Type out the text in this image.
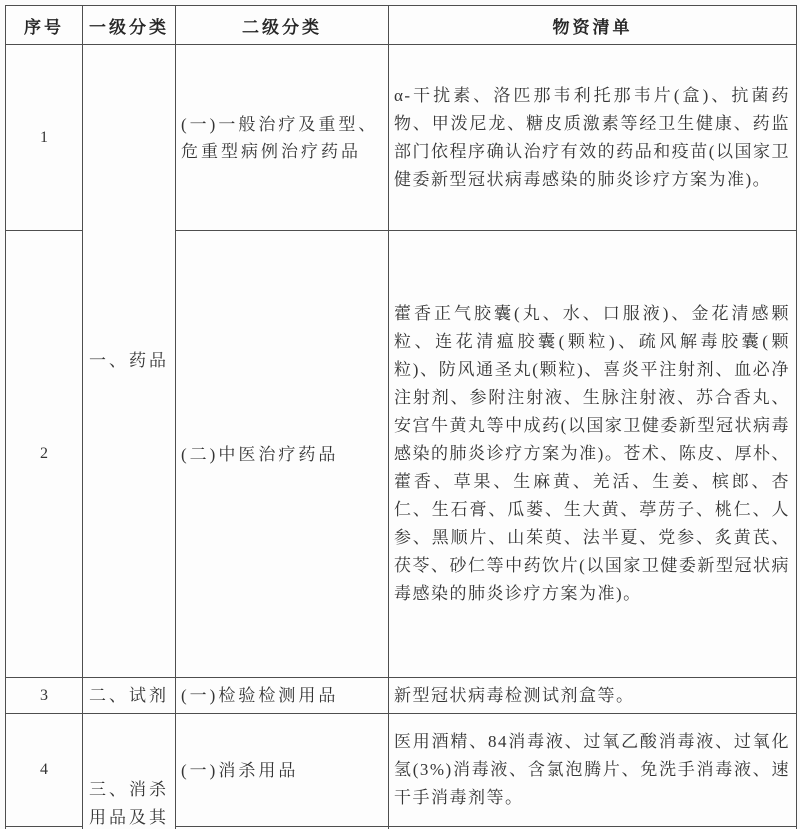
序号	一级分类	二级分类	物资清单
1	一、药品	(一)一般治疗及重型、危重型病例治疗药品	α-干扰素、洛匹那韦利托那韦片(盒)、抗菌药物、甲泼尼龙、糖皮质激素等经卫生健康、药监部门依程序确认治疗有效的药品和疫苗(以国家卫健委新型冠状病毒感染的肺炎诊疗方案为准)。
2		(二)中医治疗药品	藿香正气胶囊(丸、水、口服液)、金花清感颗粒、连花清瘟胶囊(颗粒)、疏风解毒胶囊(颗粒)、防风通圣丸(颗粒)、喜炎平注射剂、血必净注射剂、参附注射液、生脉注射液、苏合香丸、安宫牛黄丸等中成药(以国家卫健委新型冠状病毒感染的肺炎诊疗方案为准)。苍术、陈皮、厚朴、藿香、草果、生麻黄、羌活、生姜、槟郎、杏仁、生石膏、瓜蒌、生大黄、葶苈子、桃仁、人参、黑顺片、山茱萸、法半夏、党参、炙黄芪、茯苓、砂仁等中药饮片(以国家卫健委新型冠状病毒感染的肺炎诊疗方案为准)。
3	二、试剂	(一)检验检测用品	新型冠状病毒检测试剂盒等。
4	三、消杀用品及其	(一)消杀用品	医用酒精、84消毒液、过氧乙酸消毒液、过氧化氢(3%)消毒液、含氯泡腾片、免洗手消毒液、速干手消毒剂等。
